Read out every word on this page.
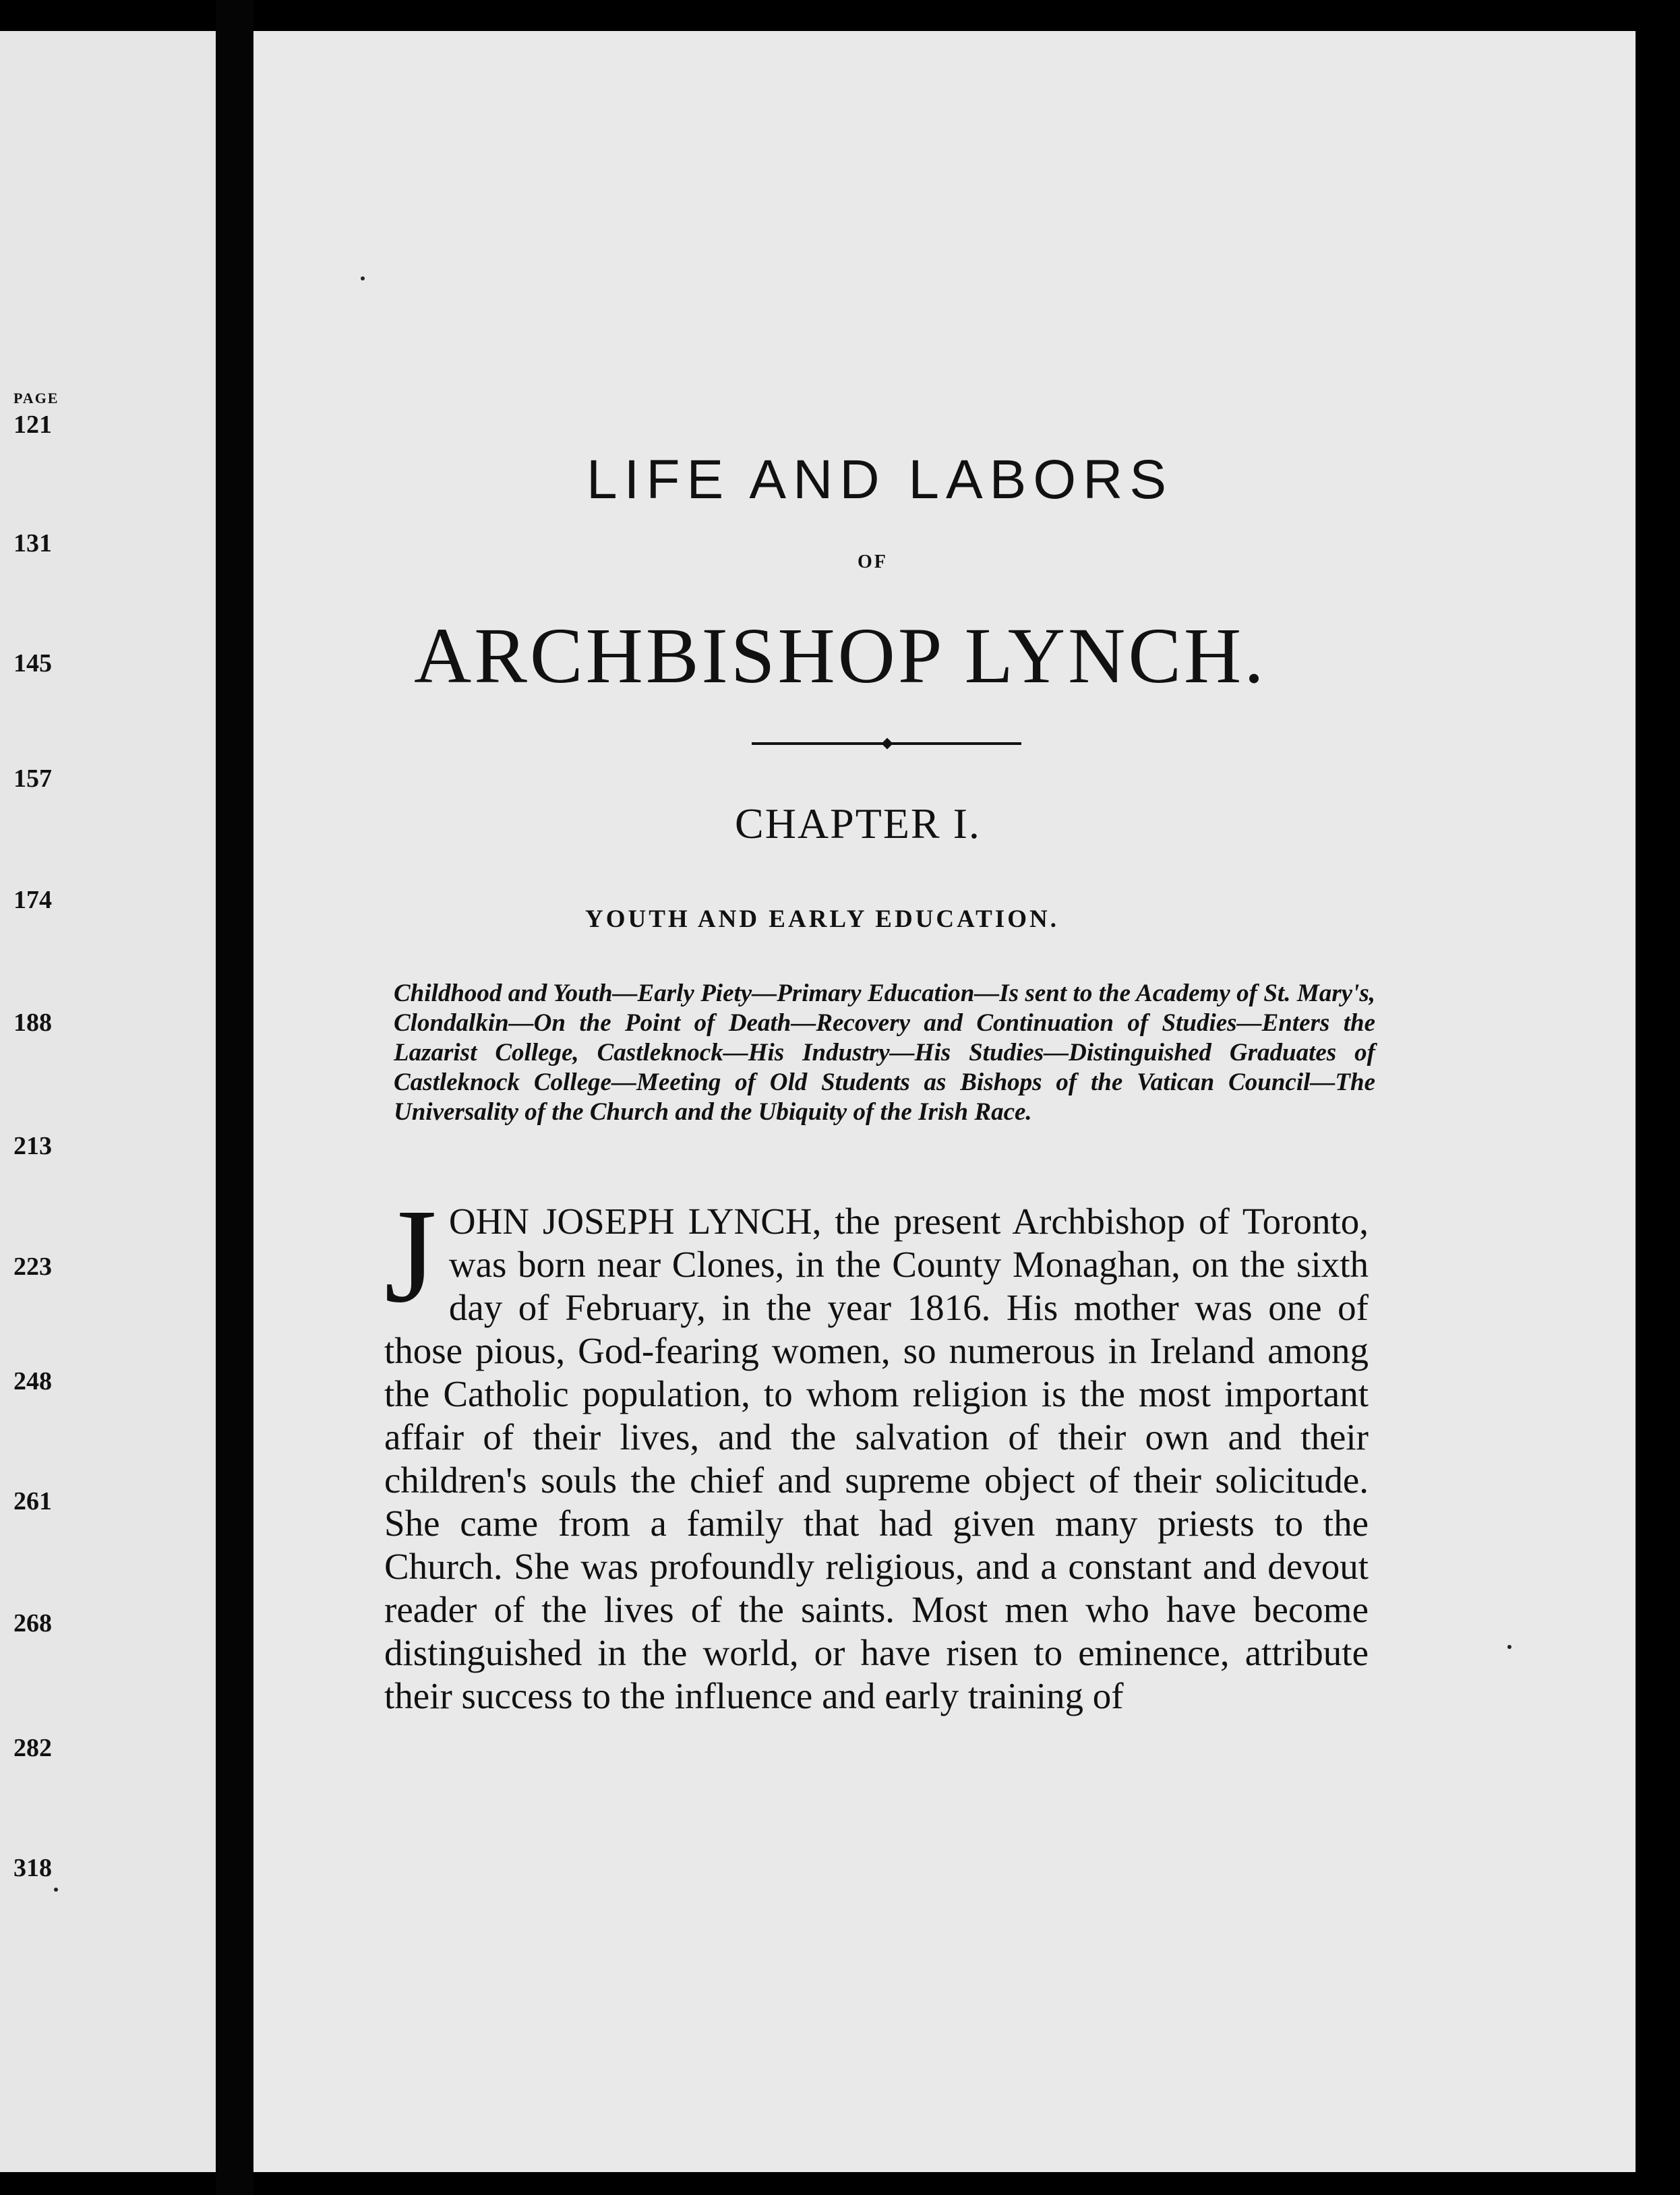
PAGE
121
131
145
157
174
188
213
223
248
261
268
282
318
LIFE AND LABORS
OF
ARCHBISHOP LYNCH.
CHAPTER I.
YOUTH AND EARLY EDUCATION.
Childhood and Youth—Early Piety—Primary Education—Is sent to the Academy of St. Mary's, Clondalkin—On the Point of Death—Recovery and Continuation of Studies—Enters the Lazarist College, Castleknock—His Industry—His Studies—Distinguished Graduates of Castleknock College—Meeting of Old Students as Bishops of the Vatican Council—The Universality of the Church and the Ubiquity of the Irish Race.
J OHN JOSEPH LYNCH, the present Archbishop of Toronto, was born near Clones, in the County Monaghan, on the sixth day of February, in the year 1816. His mother was one of those pious, God-fearing women, so numerous in Ireland among the Catholic population, to whom religion is the most important affair of their lives, and the salvation of their own and their children's souls the chief and supreme object of their solicitude. She came from a family that had given many priests to the Church. She was profoundly religious, and a constant and devout reader of the lives of the saints. Most men who have become distinguished in the world, or have risen to eminence, attribute their success to the influence and early training of
